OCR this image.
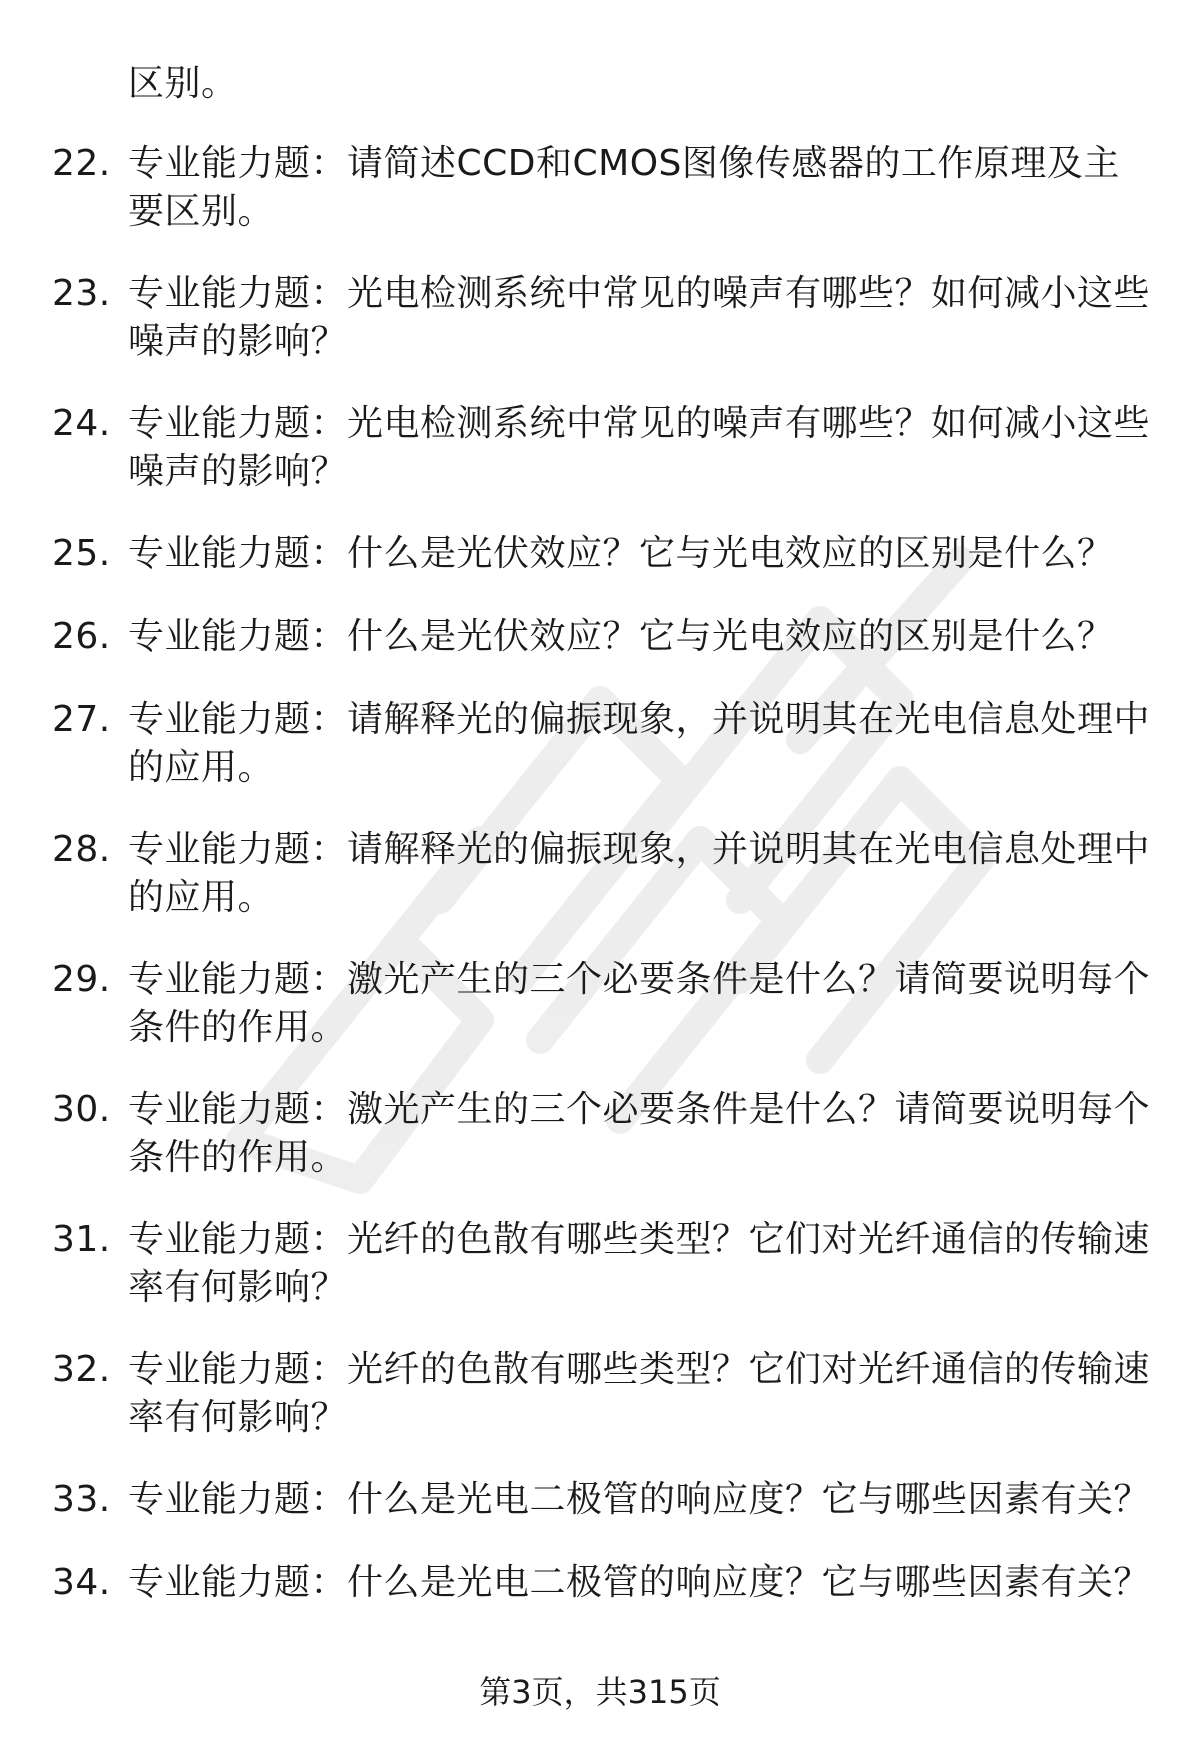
区别。
22. 专业能力题：请简述CCD和CMOS图像传感器的工作原理及主要区别。
23. 专业能力题：光电检测系统中常见的噪声有哪些？如何减小这些噪声的影响？
24. 专业能力题：光电检测系统中常见的噪声有哪些？如何减小这些噪声的影响？
25. 专业能力题：什么是光伏效应？它与光电效应的区别是什么？
26. 专业能力题：什么是光伏效应？它与光电效应的区别是什么？
27. 专业能力题：请解释光的偏振现象，并说明其在光电信息处理中的应用。
28. 专业能力题：请解释光的偏振现象，并说明其在光电信息处理中的应用。
29. 专业能力题：激光产生的三个必要条件是什么？请简要说明每个条件的作用。
30. 专业能力题：激光产生的三个必要条件是什么？请简要说明每个条件的作用。
31. 专业能力题：光纤的色散有哪些类型？它们对光纤通信的传输速率有何影响？
32. 专业能力题：光纤的色散有哪些类型？它们对光纤通信的传输速率有何影响？
33. 专业能力题：什么是光电二极管的响应度？它与哪些因素有关？
34. 专业能力题：什么是光电二极管的响应度？它与哪些因素有关？
第3页，共315页
